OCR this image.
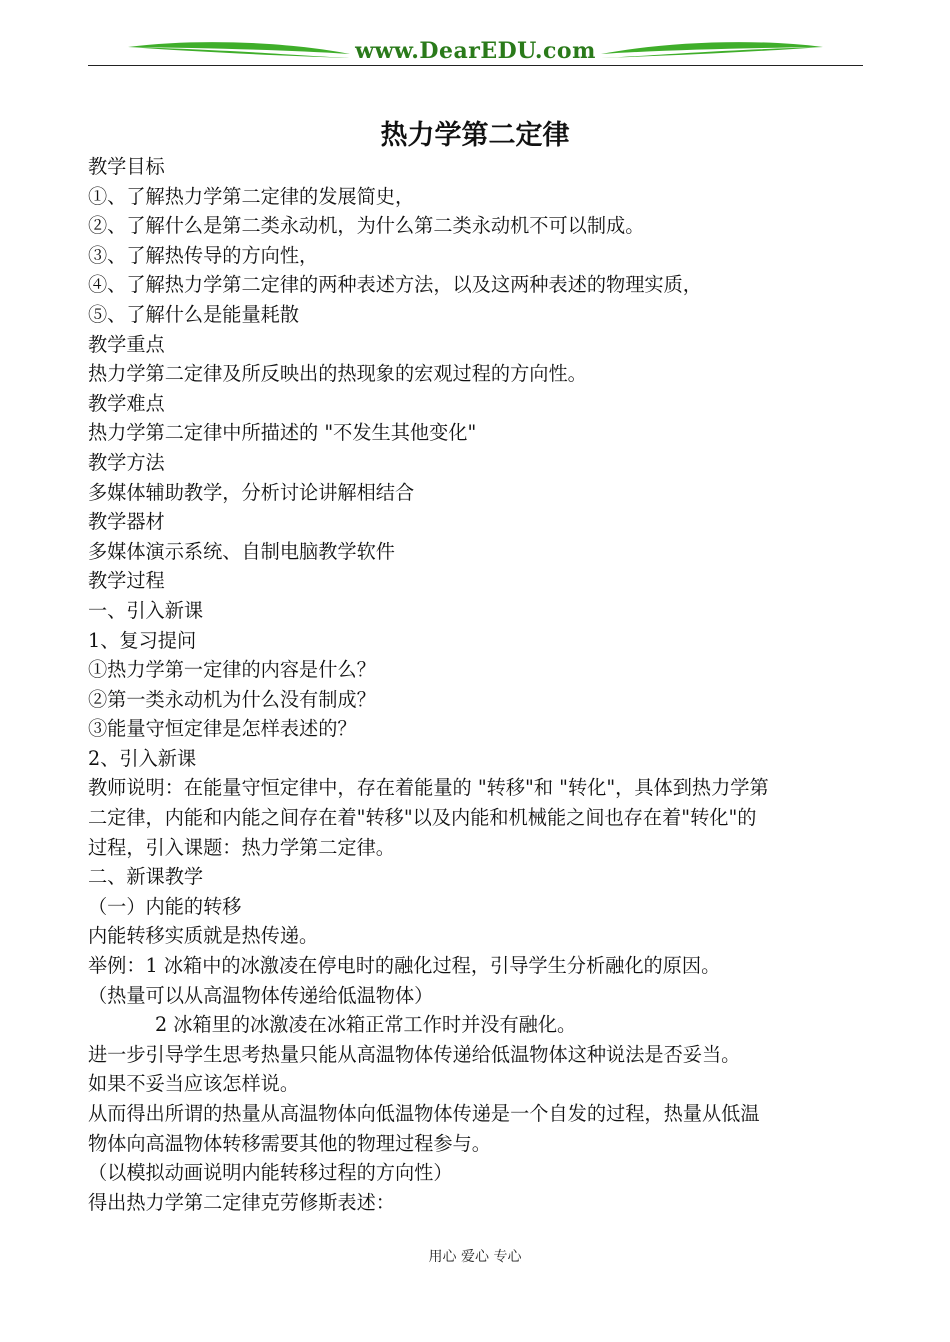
www.DearEDU.com
热力学第二定律
教学目标
①、了解热力学第二定律的发展简史，
②、了解什么是第二类永动机，为什么第二类永动机不可以制成。
③、了解热传导的方向性，
④、了解热力学第二定律的两种表述方法，以及这两种表述的物理实质，
⑤、了解什么是能量耗散
教学重点
热力学第二定律及所反映出的热现象的宏观过程的方向性。
教学难点
热力学第二定律中所描述的 "不发生其他变化"
教学方法
多媒体辅助教学，分析讨论讲解相结合
教学器材
多媒体演示系统、自制电脑教学软件
教学过程
一、引入新课
1、复习提问
①热力学第一定律的内容是什么？
②第一类永动机为什么没有制成？
③能量守恒定律是怎样表述的？
2、引入新课
教师说明：在能量守恒定律中，存在着能量的 "转移"和 "转化"，具体到热力学第
二定律，内能和内能之间存在着"转移"以及内能和机械能之间也存在着"转化"的
过程，引入课题：热力学第二定律。
二、新课教学
（一）内能的转移
内能转移实质就是热传递。
举例：1 冰箱中的冰激凌在停电时的融化过程，引导学生分析融化的原因。
（热量可以从高温物体传递给低温物体）
2 冰箱里的冰激凌在冰箱正常工作时并没有融化。
进一步引导学生思考热量只能从高温物体传递给低温物体这种说法是否妥当。
如果不妥当应该怎样说。
从而得出所谓的热量从高温物体向低温物体传递是一个自发的过程，热量从低温
物体向高温物体转移需要其他的物理过程参与。
（以模拟动画说明内能转移过程的方向性）
得出热力学第二定律克劳修斯表述：
用心 爱心 专心
